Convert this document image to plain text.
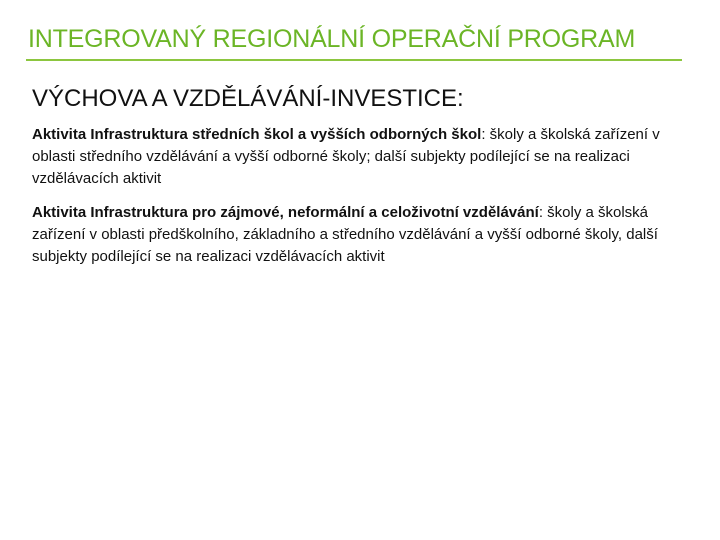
INTEGROVANÝ REGIONÁLNÍ OPERAČNÍ PROGRAM
VÝCHOVA A VZDĚLÁVÁNÍ-INVESTICE:

Aktivita Infrastruktura středních škol a vyšších odborných škol: školy a školská zařízení v oblasti středního vzdělávání a vyšší odborné školy; další subjekty podílející se na realizaci vzdělávacích aktivit

Aktivita Infrastruktura pro zájmové, neformální a celoživotní vzdělávání: školy a školská zařízení v oblasti předškolního, základního a středního vzdělávání a vyšší odborné školy, další subjekty podílející se na realizaci vzdělávacích aktivit
